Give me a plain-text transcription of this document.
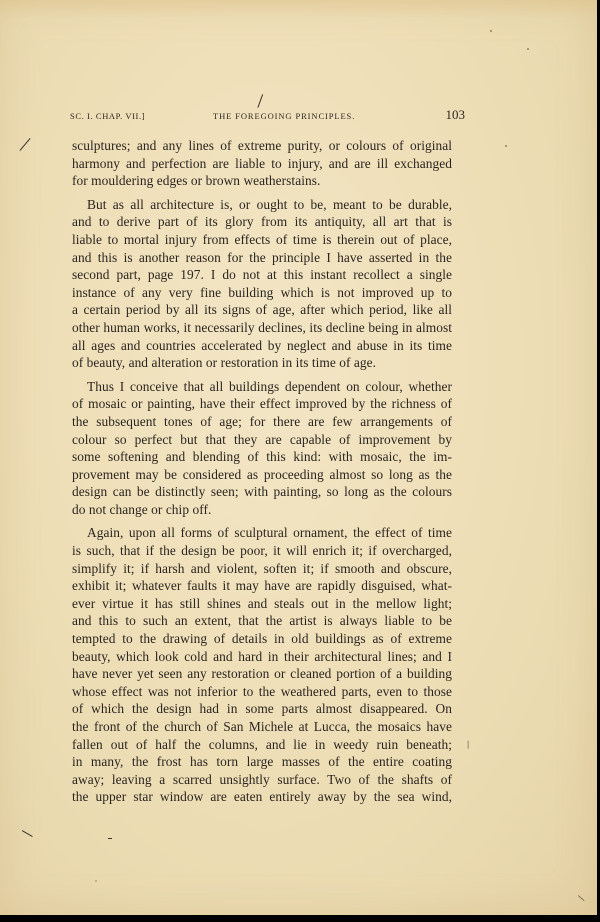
SC. I. CHAP. VII.]	THE FOREGOING PRINCIPLES.	103
sculptures; and any lines of extreme purity, or colours of original
harmony and perfection are liable to injury, and are ill exchanged
for mouldering edges or brown weatherstains.
But as all architecture is, or ought to be, meant to be durable,
and to derive part of its glory from its antiquity, all art that is
liable to mortal injury from effects of time is therein out of place,
and this is another reason for the principle I have asserted in the
second part, page 197. I do not at this instant recollect a single
instance of any very fine building which is not improved up to
a certain period by all its signs of age, after which period, like all
other human works, it necessarily declines, its decline being in almost
all ages and countries accelerated by neglect and abuse in its time
of beauty, and alteration or restoration in its time of age.
Thus I conceive that all buildings dependent on colour, whether
of mosaic or painting, have their effect improved by the richness of
the subsequent tones of age; for there are few arrangements of
colour so perfect but that they are capable of improvement by
some softening and blending of this kind: with mosaic, the im-
provement may be considered as proceeding almost so long as the
design can be distinctly seen; with painting, so long as the colours
do not change or chip off.
Again, upon all forms of sculptural ornament, the effect of time
is such, that if the design be poor, it will enrich it; if overcharged,
simplify it; if harsh and violent, soften it; if smooth and obscure,
exhibit it; whatever faults it may have are rapidly disguised, what-
ever virtue it has still shines and steals out in the mellow light;
and this to such an extent, that the artist is always liable to be
tempted to the drawing of details in old buildings as of extreme
beauty, which look cold and hard in their architectural lines; and I
have never yet seen any restoration or cleaned portion of a building
whose effect was not inferior to the weathered parts, even to those
of which the design had in some parts almost disappeared. On
the front of the church of San Michele at Lucca, the mosaics have
fallen out of half the columns, and lie in weedy ruin beneath;
in many, the frost has torn large masses of the entire coating
away; leaving a scarred unsightly surface. Two of the shafts of
the upper star window are eaten entirely away by the sea wind,
